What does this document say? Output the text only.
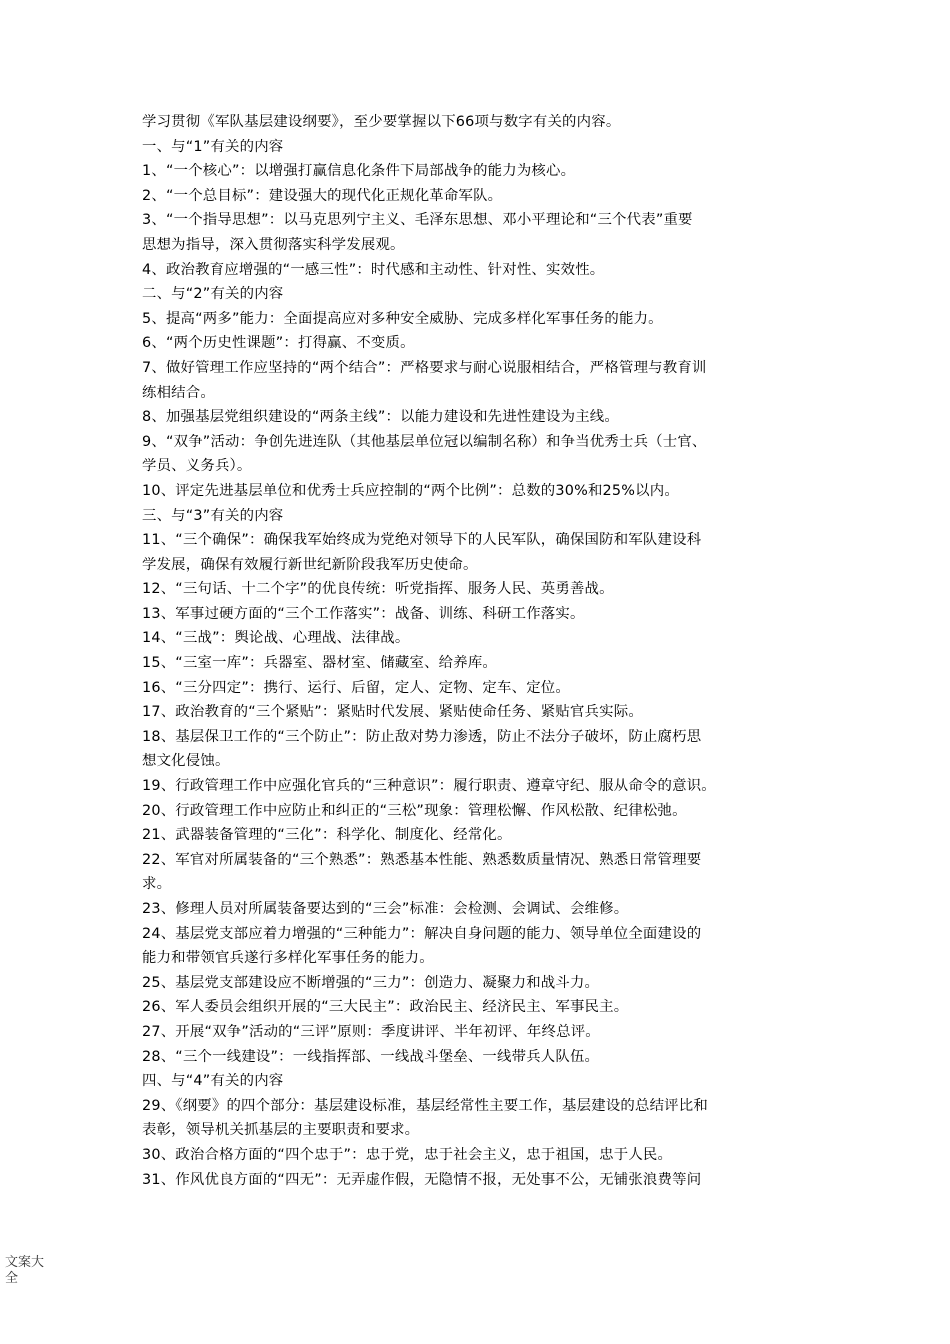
学习贯彻《军队基层建设纲要》，至少要掌握以下66项与数字有关的内容。
一、与“1”有关的内容
1、“一个核心”：以增强打赢信息化条件下局部战争的能力为核心。
2、“一个总目标”：建设强大的现代化正规化革命军队。
3、“一个指导思想”：以马克思列宁主义、毛泽东思想、邓小平理论和“三个代表”重要
思想为指导，深入贯彻落实科学发展观。
4、政治教育应增强的“一感三性”：时代感和主动性、针对性、实效性。
二、与“2”有关的内容
5、提高“两多”能力：全面提高应对多种安全威胁、完成多样化军事任务的能力。
6、“两个历史性课题”：打得赢、不变质。
7、做好管理工作应坚持的“两个结合”：严格要求与耐心说服相结合，严格管理与教育训
练相结合。
8、加强基层党组织建设的“两条主线”：以能力建设和先进性建设为主线。
9、“双争”活动：争创先进连队（其他基层单位冠以编制名称）和争当优秀士兵（士官、
学员、义务兵）。
10、评定先进基层单位和优秀士兵应控制的“两个比例”：总数的30%和25%以内。
三、与“3”有关的内容
11、“三个确保”：确保我军始终成为党绝对领导下的人民军队，确保国防和军队建设科
学发展，确保有效履行新世纪新阶段我军历史使命。
12、“三句话、十二个字”的优良传统：听党指挥、服务人民、英勇善战。
13、军事过硬方面的“三个工作落实”：战备、训练、科研工作落实。
14、“三战”：舆论战、心理战、法律战。
15、“三室一库”：兵器室、器材室、储藏室、给养库。
16、“三分四定”：携行、运行、后留，定人、定物、定车、定位。
17、政治教育的“三个紧贴”：紧贴时代发展、紧贴使命任务、紧贴官兵实际。
18、基层保卫工作的“三个防止”：防止敌对势力渗透，防止不法分子破坏，防止腐朽思
想文化侵蚀。
19、行政管理工作中应强化官兵的“三种意识”：履行职责、遵章守纪、服从命令的意识。
20、行政管理工作中应防止和纠正的“三松”现象：管理松懈、作风松散、纪律松弛。
21、武器装备管理的“三化”：科学化、制度化、经常化。
22、军官对所属装备的“三个熟悉”：熟悉基本性能、熟悉数质量情况、熟悉日常管理要
求。
23、修理人员对所属装备要达到的“三会”标准：会检测、会调试、会维修。
24、基层党支部应着力增强的“三种能力”：解决自身问题的能力、领导单位全面建设的
能力和带领官兵遂行多样化军事任务的能力。
25、基层党支部建设应不断增强的“三力”：创造力、凝聚力和战斗力。
26、军人委员会组织开展的“三大民主”：政治民主、经济民主、军事民主。
27、开展“双争”活动的“三评”原则：季度讲评、半年初评、年终总评。
28、“三个一线建设”：一线指挥部、一线战斗堡垒、一线带兵人队伍。
四、与“4”有关的内容
29、《纲要》的四个部分：基层建设标准，基层经常性主要工作，基层建设的总结评比和
表彰，领导机关抓基层的主要职责和要求。
30、政治合格方面的“四个忠于”：忠于党，忠于社会主义，忠于祖国，忠于人民。
31、作风优良方面的“四无”：无弄虚作假，无隐情不报，无处事不公，无铺张浪费等问
文案大全
